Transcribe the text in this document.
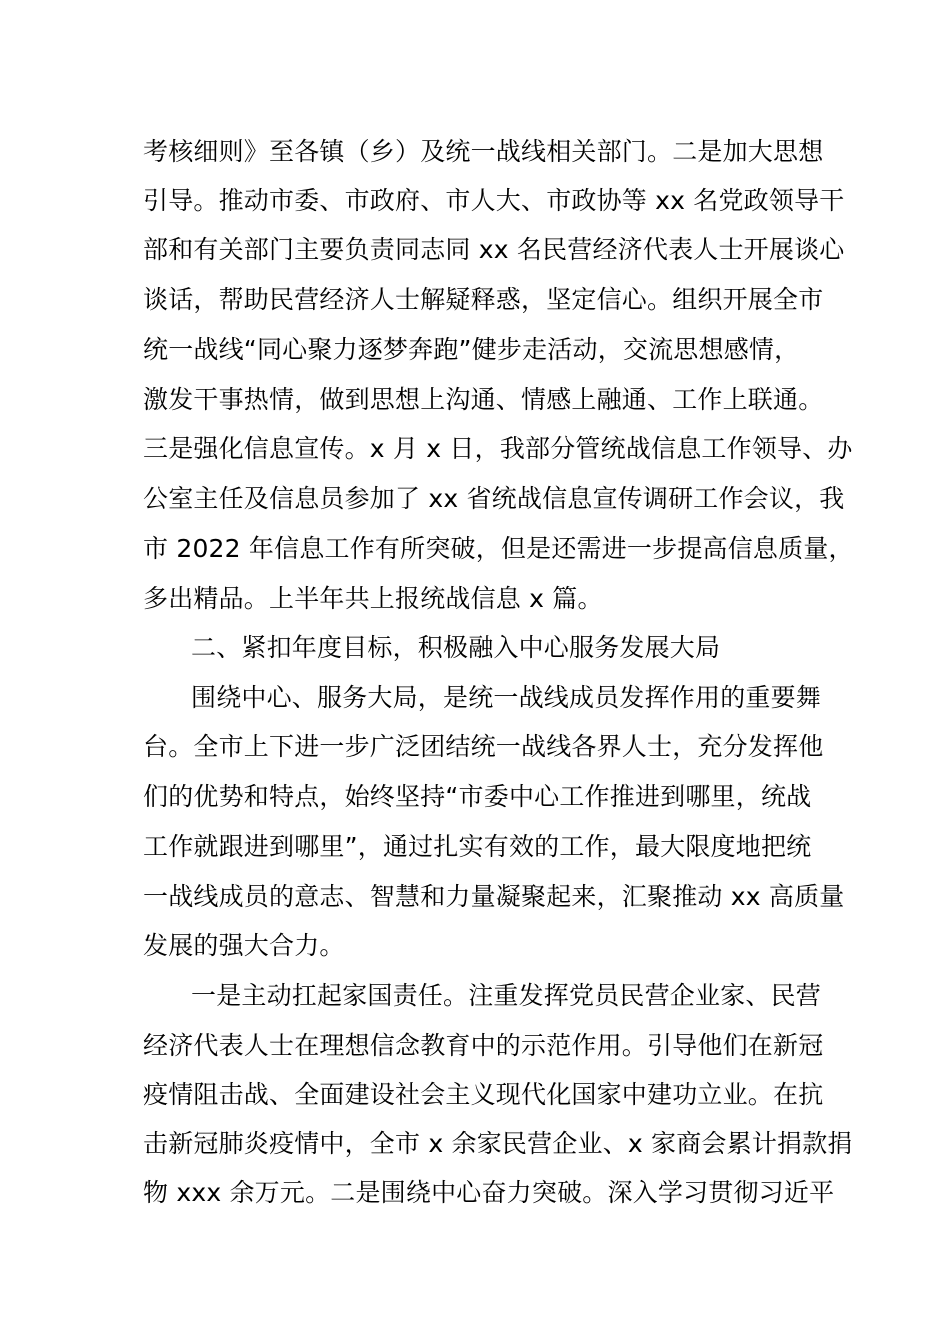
考核细则》至各镇（乡）及统一战线相关部门。二是加大思想
引导。推动市委、市政府、市人大、市政协等 xx 名党政领导干
部和有关部门主要负责同志同 xx 名民营经济代表人士开展谈心
谈话，帮助民营经济人士解疑释惑，坚定信心。组织开展全市
统一战线“同心聚力逐梦奔跑”健步走活动，交流思想感情，
激发干事热情，做到思想上沟通、情感上融通、工作上联通。
三是强化信息宣传。x 月 x 日，我部分管统战信息工作领导、办
公室主任及信息员参加了 xx 省统战信息宣传调研工作会议，我
市 2022 年信息工作有所突破，但是还需进一步提高信息质量，
多出精品。上半年共上报统战信息 x 篇。
二、紧扣年度目标，积极融入中心服务发展大局
围绕中心、服务大局，是统一战线成员发挥作用的重要舞
台。全市上下进一步广泛团结统一战线各界人士，充分发挥他
们的优势和特点，始终坚持“市委中心工作推进到哪里，统战
工作就跟进到哪里”，通过扎实有效的工作，最大限度地把统
一战线成员的意志、智慧和力量凝聚起来，汇聚推动 xx 高质量
发展的强大合力。
一是主动扛起家国责任。注重发挥党员民营企业家、民营
经济代表人士在理想信念教育中的示范作用。引导他们在新冠
疫情阻击战、全面建设社会主义现代化国家中建功立业。在抗
击新冠肺炎疫情中，全市 x 余家民营企业、x 家商会累计捐款捐
物 xxx 余万元。二是围绕中心奋力突破。深入学习贯彻习近平
